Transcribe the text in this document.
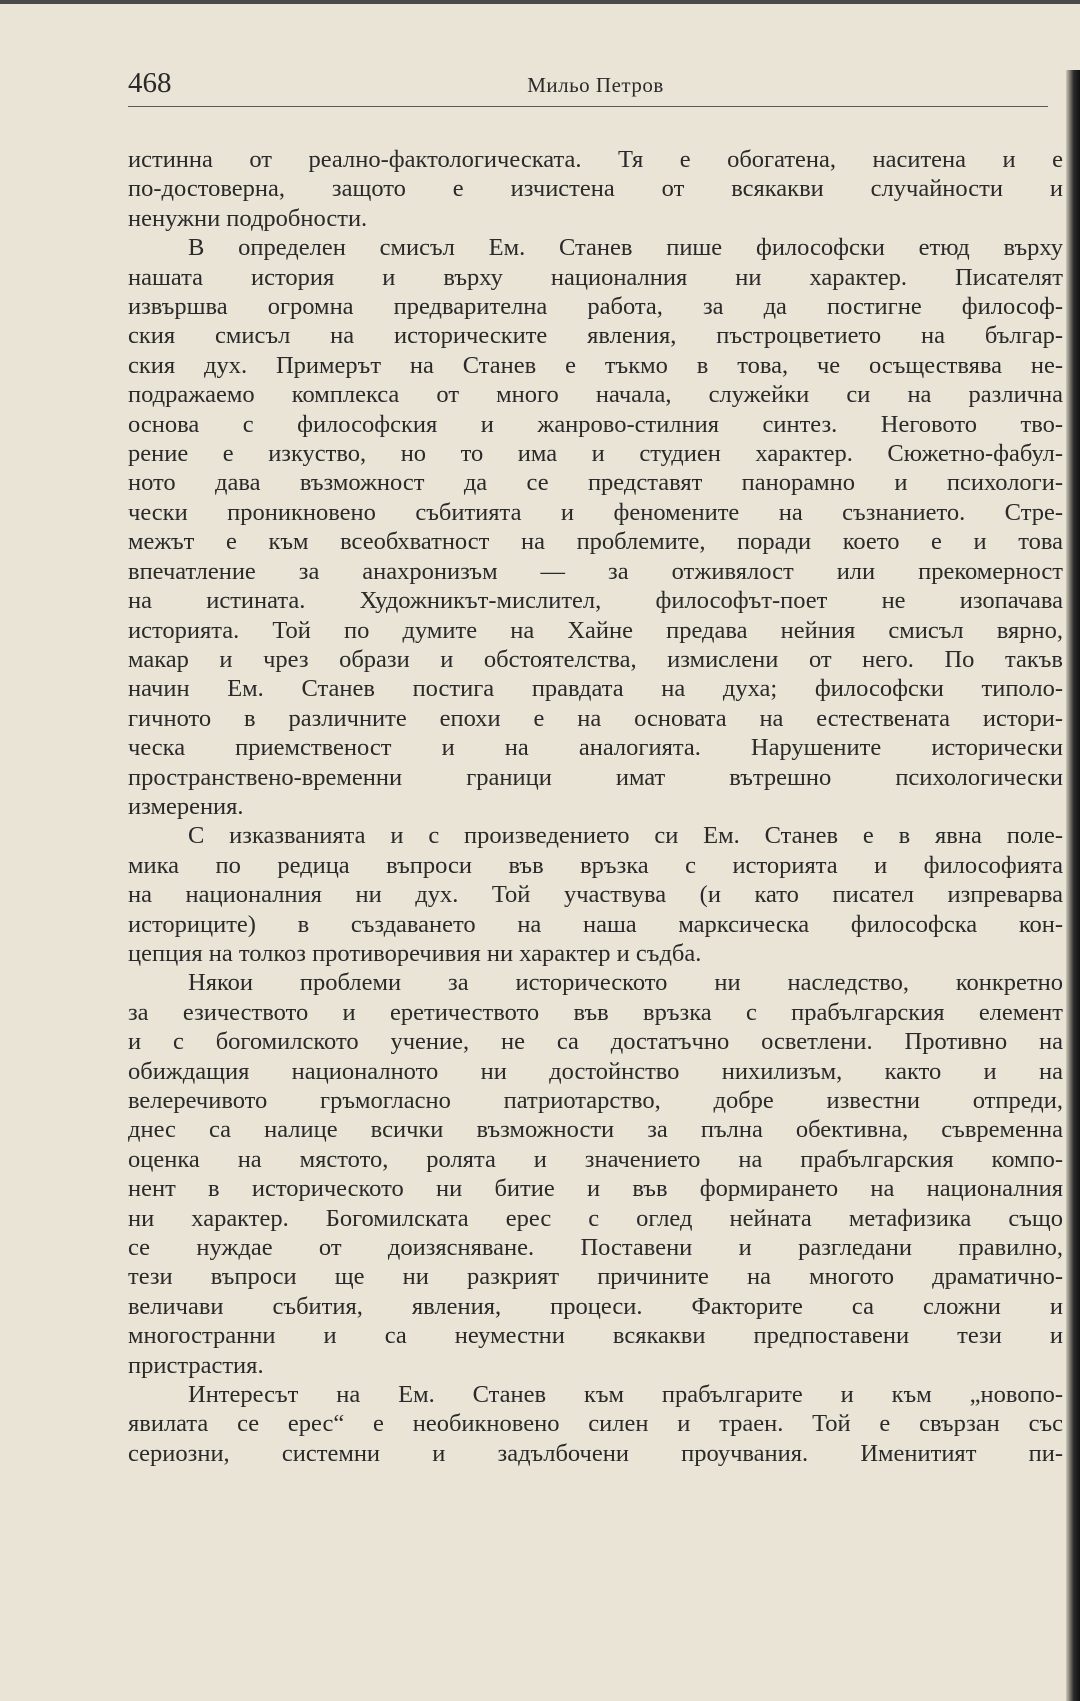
468	Мильо Петров
истинна от реално-фактологическата. Тя е обогатена, наситена и е
по-достоверна, защото е изчистена от всякакви случайности и
ненужни подробности.
В определен смисъл Ем. Станев пише философски етюд върху
нашата история и върху националния ни характер. Писателят
извършва огромна предварителна работа, за да постигне философ-
ския смисъл на историческите явления, пъстроцветието на българ-
ския дух. Примерът на Станев е тъкмо в това, че осъществява не-
подражаемо комплекса от много начала, служейки си на различна
основа с философския и жанрово-стилния синтез. Неговото тво-
рение е изкуство, но то има и студиен характер. Сюжетно-фабул-
ното дава възможност да се представят панорамно и психологи-
чески проникновено събитията и феномените на съзнанието. Стре-
межът е към всеобхватност на проблемите, поради което е и това
впечатление за анахронизъм — за отживялост или прекомерност
на истината. Художникът-мислител, философът-поет не изопачава
историята. Той по думите на Хайне предава нейния смисъл вярно,
макар и чрез образи и обстоятелства, измислени от него. По такъв
начин Ем. Станев постига правдата на духа; философски типоло-
гичното в различните епохи е на основата на естествената истори-
ческа приемственост и на аналогията. Нарушените исторически
пространствено-временни граници имат вътрешно психологически
измерения.
С изказванията и с произведението си Ем. Станев е в явна поле-
мика по редица въпроси във връзка с историята и философията
на националния ни дух. Той участвува (и като писател изпреварва
историците) в създаването на наша марксическа философска кон-
цепция на толкоз противоречивия ни характер и съдба.
Някои проблеми за историческото ни наследство, конкретно
за езичеството и еретичеството във връзка с прабългарския елемент
и с богомилското учение, не са достатъчно осветлени. Противно на
обиждащия националното ни достойнство нихилизъм, както и на
велеречивото гръмогласно патриотарство, добре известни отпреди,
днес са налице всички възможности за пълна обективна, съвременна
оценка на мястото, ролята и значението на прабългарския компо-
нент в историческото ни битие и във формирането на националния
ни характер. Богомилската ерес с оглед нейната метафизика също
се нуждае от доизясняване. Поставени и разгледани правилно,
тези въпроси ще ни разкрият причините на многото драматично-
величави събития, явления, процеси. Факторите са сложни и
многостранни и са неуместни всякакви предпоставени тези и
пристрастия.
Интересът на Ем. Станев към прабългарите и към „новопо-
явилата се ерес“ е необикновено силен и траен. Той е свързан със
сериозни, системни и задълбочени проучвания. Именитият пи-
